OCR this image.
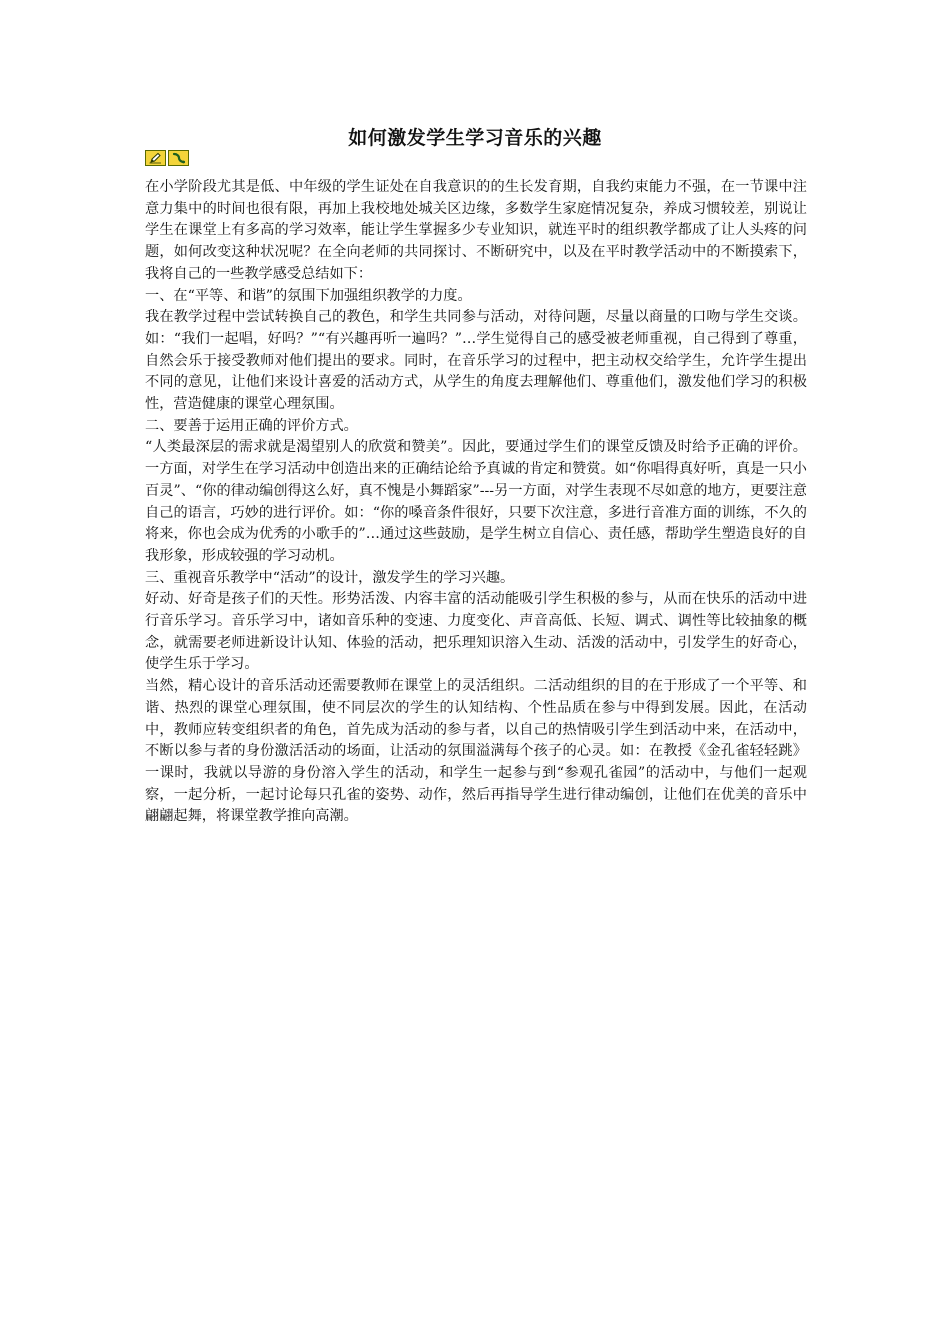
如何激发学生学习音乐的兴趣

在小学阶段尤其是低、中年级的学生证处在自我意识的的生长发育期，自我约束能力不强，在一节课中注意力集中的时间也很有限，再加上我校地处城关区边缘，多数学生家庭情况复杂，养成习惯较差，别说让学生在课堂上有多高的学习效率，能让学生掌握多少专业知识，就连平时的组织教学都成了让人头疼的问题，如何改变这种状况呢？在全向老师的共同探讨、不断研究中，以及在平时教学活动中的不断摸索下，我将自己的一些教学感受总结如下：

一、在“平等、和谐”的氛围下加强组织教学的力度。

我在教学过程中尝试转换自己的教色，和学生共同参与活动，对待问题，尽量以商量的口吻与学生交谈。如：“我们一起唱，好吗？”“有兴趣再听一遍吗？”…学生觉得自己的感受被老师重视，自己得到了尊重，自然会乐于接受教师对他们提出的要求。同时，在音乐学习的过程中，把主动权交给学生，允许学生提出不同的意见，让他们来设计喜爱的活动方式，从学生的角度去理解他们、尊重他们，激发他们学习的积极性，营造健康的课堂心理氛围。

二、要善于运用正确的评价方式。

“人类最深层的需求就是渴望别人的欣赏和赞美”。因此，要通过学生们的课堂反馈及时给予正确的评价。一方面，对学生在学习活动中创造出来的正确结论给予真诚的肯定和赞赏。如“你唱得真好听，真是一只小百灵”、“你的律动编创得这么好，真不愧是小舞蹈家”---另一方面，对学生表现不尽如意的地方，更要注意自己的语言，巧妙的进行评价。如：“你的嗓音条件很好，只要下次注意，多进行音准方面的训练，不久的将来，你也会成为优秀的小歌手的”…通过这些鼓励，是学生树立自信心、责任感，帮助学生塑造良好的自我形象，形成较强的学习动机。

三、重视音乐教学中“活动”的设计，激发学生的学习兴趣。

好动、好奇是孩子们的天性。形势活泼、内容丰富的活动能吸引学生积极的参与，从而在快乐的活动中进行音乐学习。音乐学习中，诸如音乐种的变速、力度变化、声音高低、长短、调式、调性等比较抽象的概念，就需要老师进新设计认知、体验的活动，把乐理知识溶入生动、活泼的活动中，引发学生的好奇心，使学生乐于学习。

当然，精心设计的音乐活动还需要教师在课堂上的灵活组织。二活动组织的目的在于形成了一个平等、和谐、热烈的课堂心理氛围，使不同层次的学生的认知结构、个性品质在参与中得到发展。因此，在活动中，教师应转变组织者的角色，首先成为活动的参与者，以自己的热情吸引学生到活动中来，在活动中，不断以参与者的身份激活活动的场面，让活动的氛围溢满每个孩子的心灵。如：在教授《金孔雀轻轻跳》一课时，我就以导游的身份溶入学生的活动，和学生一起参与到“参观孔雀园”的活动中，与他们一起观察，一起分析，一起讨论每只孔雀的姿势、动作，然后再指导学生进行律动编创，让他们在优美的音乐中翩翩起舞，将课堂教学推向高潮。
